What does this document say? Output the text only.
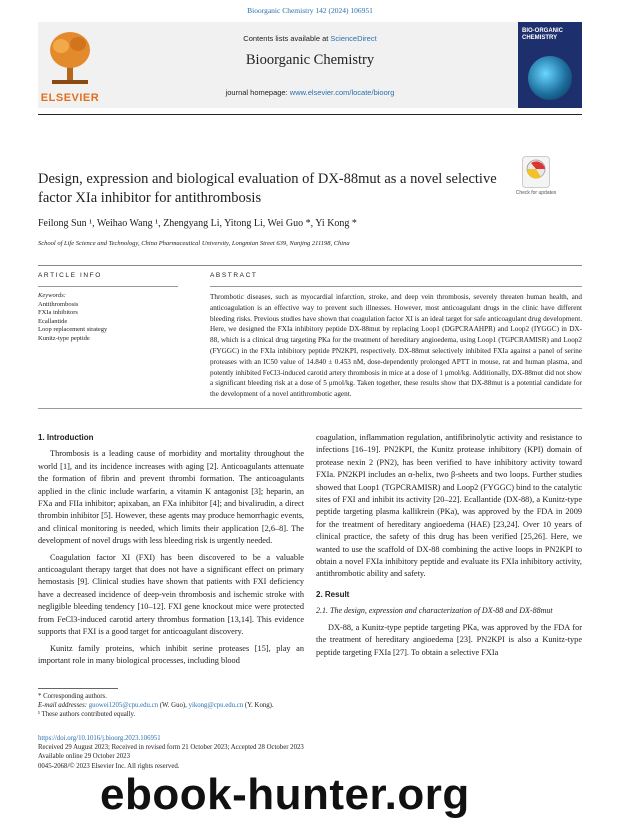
Bioorganic Chemistry 142 (2024) 106951
ELSEVIER
Contents lists available at ScienceDirect
Bioorganic Chemistry
journal homepage: www.elsevier.com/locate/bioorg
BIO-ORGANIC CHEMISTRY
Design, expression and biological evaluation of DX-88mut as a novel selective factor XIa inhibitor for antithrombosis	Check for updates
Feilong Sun ¹, Weihao Wang ¹, Zhengyang Li, Yitong Li, Wei Guo *, Yi Kong *
School of Life Science and Technology, China Pharmaceutical University, Longmian Street 639, Nanjing 211198, China
ARTICLE INFO	ABSTRACT
Keywords:
Antithrombosis
FXIa inhibitors
Ecallantide
Loop replacement strategy
Kunitz-type peptide
Thrombotic diseases, such as myocardial infarction, stroke, and deep vein thrombosis, severely threaten human health, and anticoagulation is an effective way to prevent such illnesses. However, most anticoagulant drugs in the clinic have different bleeding risks. Previous studies have shown that coagulation factor XI is an ideal target for safe anticoagulant drug development. Here, we designed the FXIa inhibitory peptide DX-88mut by replacing Loop1 (DGPCRAAHPR) and Loop2 (IYGGC) in DX-88, which is a clinical drug targeting PKa for the treatment of hereditary angioedema, using Loop1 (TGPCRAMISR) and Loop2 (FYGGC) in the FXIa inhibitory peptide PN2KPI, respectively. DX-88mut selectively inhibited FXIa against a panel of serine proteases with an IC50 value of 14.840 ± 0.453 nM, dose-dependently prolonged APTT in mouse, rat and human plasma, and potently inhibited FeCl3-induced carotid artery thrombosis in mice at a dose of 1 μmol/kg. Additionally, DX-88mut did not show a significant bleeding risk at a dose of 5 μmol/kg. Taken together, these results show that DX-88mut is a potential candidate for the development of a novel antithrombotic agent.

1. Introduction

Thrombosis is a leading cause of morbidity and mortality throughout the world [1], and its incidence increases with aging [2]. Anticoagulants attenuate the formation of fibrin and prevent thrombi formation. The anticoagulants applied in the clinic include warfarin, a vitamin K antagonist [3]; heparin, an FXa and FIIa inhibitor; apixaban, an FXa inhibitor [4]; and bivalirudin, a direct thrombin inhibitor [5]. However, these agents may produce hemorrhagic events, and clinical monitoring is needed, which limits their application [2,6–8]. The development of novel drugs with less bleeding risk is urgently needed.

Coagulation factor XI (FXI) has been discovered to be a valuable anticoagulant therapy target that does not have a significant effect on primary hemostasis [9]. Clinical studies have shown that patients with FXI deficiency have a decreased incidence of deep-vein thrombosis and ischemic stroke with negligible bleeding tendency [10–12]. FXI gene knockout mice were protected from FeCl3-induced carotid artery thrombus formation [13,14]. This evidence supports that FXI is a good target for anticoagulant discovery.

Kunitz family proteins, which inhibit serine proteases [15], play an important role in many biological processes, including blood

coagulation, inflammation regulation, antifibrinolytic activity and resistance to infections [16–19]. PN2KPI, the Kunitz protease inhibitory (KPI) domain of protease nexin 2 (PN2), has been verified to have inhibitory activity toward FXIa. PN2KPI includes an α-helix, two β-sheets and two loops. Further studies showed that Loop1 (TGPCRAMISR) and Loop2 (FYGGC) bind to the catalytic sites of FXI and inhibit its activity [20–22]. Ecallantide (DX-88), a Kunitz-type peptide targeting plasma kallikrein (PKa), was approved by the FDA in 2009 for the treatment of hereditary angioedema (HAE) [23,24]. Over 10 years of clinical practice, the safety of this drug has been verified [25,26]. Here, we wanted to use the scaffold of DX-88 combining the active loops in PN2KPI to obtain a novel FXIa inhibitory peptide and evaluate its FXIa inhibitory activity, antithrombotic ability and safety.

2. Result

2.1. The design, expression and characterization of DX-88 and DX-88mut

DX-88, a Kunitz-type peptide targeting PKa, was approved by the FDA for the treatment of hereditary angioedema [23]. PN2KPI is also a Kunitz-type peptide targeting FXIa [27]. To obtain a selective FXIa

* Corresponding authors.
E-mail addresses: guowei1205@cpu.edu.cn (W. Guo), yikong@cpu.edu.cn (Y. Kong).
¹ These authors contributed equally.
https://doi.org/10.1016/j.bioorg.2023.106951
Received 29 August 2023; Received in revised form 21 October 2023; Accepted 28 October 2023
Available online 29 October 2023
0045-2068/© 2023 Elsevier Inc. All rights reserved.
ebook-hunter.org
